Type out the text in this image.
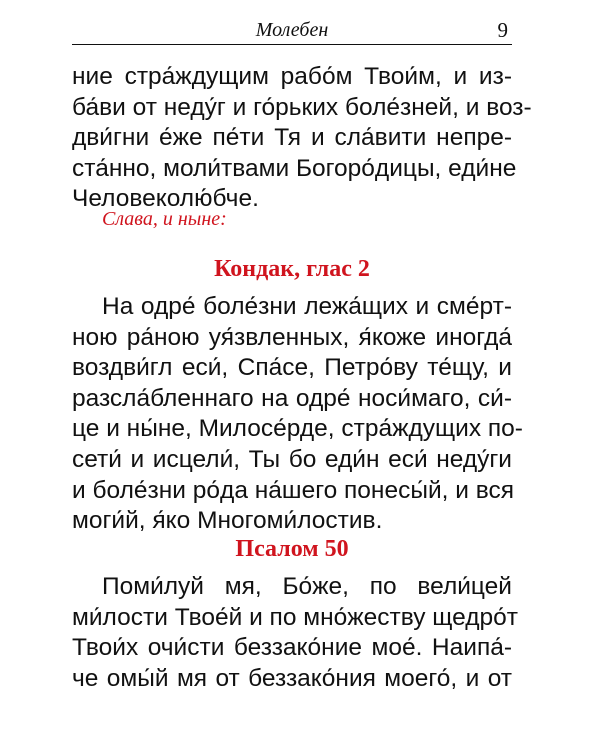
Молебен	9
ние стра́ждущим рабо́м Твои́м, и из-
ба́ви от неду́г и го́рьких боле́зней, и воз-
дви́гни е́же пе́ти Тя и сла́вити непре-
ста́нно, моли́твами Богоро́дицы, еди́не
Человеколю́бче.
Слава, и ныне:
Кондак, глас 2
На одре́ боле́зни лежа́щих и сме́рт-
ною ра́ною уя́звленных, я́коже иногда́
воздви́гл еси́, Спа́се, Петро́ву те́щу, и
разсла́бленнаго на одре́ носи́маго, си́-
це и ны́не, Милосе́рде, стра́ждущих по-
сети́ и исцели́, Ты бо еди́н еси́ неду́ги
и боле́зни ро́да на́шего понесы́й, и вся
моги́й, я́ко Многоми́лостив.
Псалом 50
Поми́луй мя, Бо́же, по вели́цей
ми́лости Твое́й и по мно́жеству щедро́т
Твои́х очи́сти беззако́ние мое́. Наипа́-
че омы́й мя от беззако́ния моего́, и от
